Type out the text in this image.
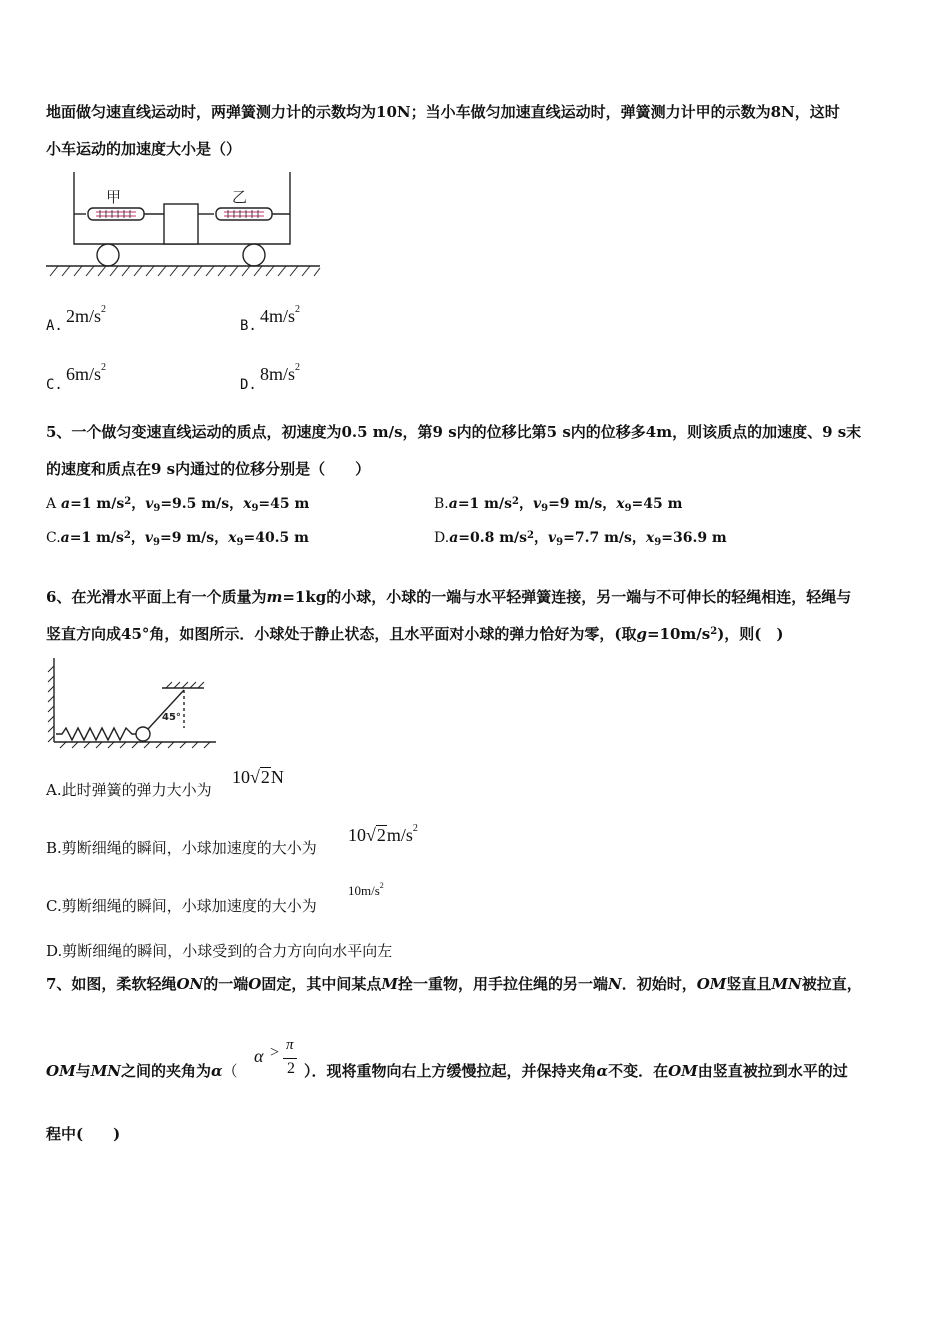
地面做匀速直线运动时，两弹簧测力计的示数均为10N；当小车做匀加速直线运动时，弹簧测力计甲的示数为8N，这时
小车运动的加速度大小是（）
甲	乙
A. $2m/s^2$
B. $4m/s^2$
C.
$6m/s^2$
D.
$8m/s^2$
5、一个做匀变速直线运动的质点，初速度为0.5 m/s，第9 s内的位移比第5 s内的位移多4m，则该质点的加速度、9 s末
的速度和质点在9 s内通过的位移分别是（　　）
A a=1 $m/s^2$，$v_9=9.5$ m/s，$x_9=45$ m	B.a=1 $m/s^2$，$v_9=9$ m/s，$x_9=45$ m
C.a=1 $m/s^2$，$v_9=9$ m/s，$x_9=40.5$ m	D.a=0.8 $m/s^2$，$v_9=7.7$ m/s，$x_9=36.9$ m
6、在光滑水平面上有一个质量为m=1kg的小球，小球的一端与水平轻弹簧连接，另一端与不可伸长的轻绳相连，轻绳与
竖直方向成45°角，如图所示．小球处于静止状态，且水平面对小球的弹力恰好为零，(取$g=10m/s^2$)，则(　)
45°
A.此时弹簧的弹力大小为
10√2N
B.剪断细绳的瞬间，小球加速度的大小为
$10√2m/s^2$
C.剪断细绳的瞬间，小球加速度的大小为
$10m/s^2$
D.剪断细绳的瞬间，小球受到的合力方向向水平向左
7、如图，柔软轻绳ON的一端O固定，其中间某点M拴一重物，用手拉住绳的另一端N．初始时，OM竖直且MN被拉直，
OM与MN之间的夹角为α（
α > π
2 ）．现将重物向右上方缓慢拉起，并保持夹角α不变．在OM由竖直被拉到水平的过
程中(　　)
